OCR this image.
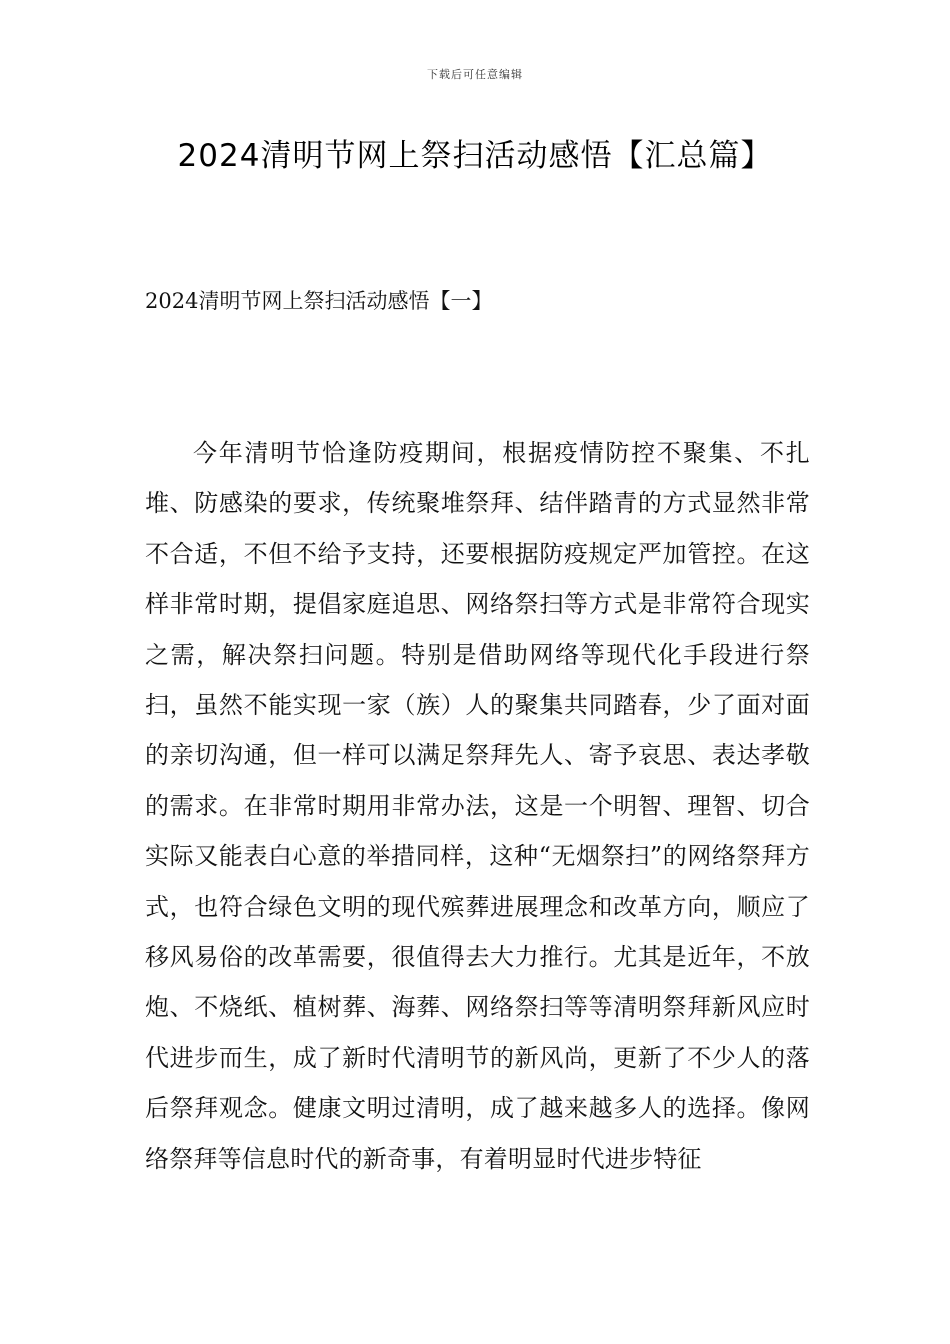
下载后可任意编辑
2024清明节网上祭扫活动感悟【汇总篇】

2024清明节网上祭扫活动感悟【一】

今年清明节恰逢防疫期间，根据疫情防控不聚集、不扎堆、防感染的要求，传统聚堆祭拜、结伴踏青的方式显然非常不合适，不但不给予支持，还要根据防疫规定严加管控。在这样非常时期，提倡家庭追思、网络祭扫等方式是非常符合现实之需，解决祭扫问题。特别是借助网络等现代化手段进行祭扫，虽然不能实现一家（族）人的聚集共同踏春，少了面对面的亲切沟通，但一样可以满足祭拜先人、寄予哀思、表达孝敬的需求。在非常时期用非常办法，这是一个明智、理智、切合实际又能表白心意的举措同样，这种“无烟祭扫”的网络祭拜方式，也符合绿色文明的现代殡葬进展理念和改革方向，顺应了移风易俗的改革需要，很值得去大力推行。尤其是近年，不放炮、不烧纸、植树葬、海葬、网络祭扫等等清明祭拜新风应时代进步而生，成了新时代清明节的新风尚，更新了不少人的落后祭拜观念。健康文明过清明，成了越来越多人的选择。像网络祭拜等信息时代的新奇事，有着明显时代进步特征
